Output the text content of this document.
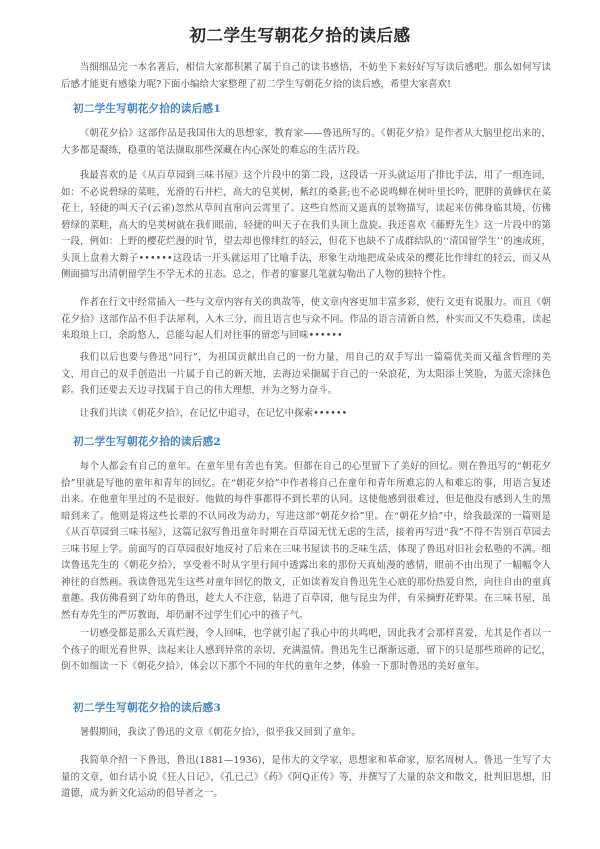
初二学生写朝花夕拾的读后感

当细细品完一本名著后，相信大家都积累了属于自己的读书感悟，不妨坐下来好好写写读后感吧。那么如何写读后感才能更有感染力呢?下面小编给大家整理了初二学生写朝花夕拾的读后感，希望大家喜欢!

初二学生写朝花夕拾的读后感1

《朝花夕拾》这部作品是我国伟大的思想家，教育家——鲁迅所写的。《朝花夕拾》是作者从大脑里挖出来的，大多都是凝练，稳重的笔法撷取那些深藏在内心深处的难忘的生活片段。

我最喜欢的是《从百草园到三味书屋》这个片段中的第二段，这段话一开头就运用了排比手法，用了一组连词，如：不必说碧绿的菜畦，光滑的石井栏，高大的皂荚树，紫红的桑葚;也不必说鸣蝉在树叶里长吟，肥胖的黄蜂伏在菜花上，轻捷的叫天子(云雀)忽然从草间直窜向云霄里了。这些自然而又遥真的景物描写，读起来仿佛身临其境，仿佛碧绿的菜畦，高大的皂荚树就在我们眼前，轻捷的叫天子在我们头顶上盘旋。我还喜欢《藤野先生》这一片段中的第一段，例如：上野的樱花烂漫的时节，望去却也像绯红的轻云，但花下也缺不了成群结队的‘‘清国留学生’’的速成班，头顶上盘着大辫子••••••这段话一开头就运用了比喻手法，形象生动地把成朵成朵的樱花比作绯红的轻云，而又从侧面描写出清朝留学生不学无术的丑态。总之，作者的寥寥几笔就勾勒出了人物的独特个性。

作者在行文中经常插入一些与文章内容有关的典故等，使文章内容更加丰富多彩，使行文更有说服力。而且《朝花夕拾》这部作品不但手法犀利，入木三分，而且语言也与众不同。作品的语言清新自然，朴实而又不失稳重，读起来琅琅上口，余韵悠人，总能勾起人们对往事的留恋与回味••••••

我们以后也要与鲁迅“同行”，为祖国贡献出自己的一份力量，用自己的双手写出一篇篇优美而又蕴含哲理的美文，用自己的双手创造出一片属于自己的新天地，去海边采撷属于自己的一朵浪花，为太阳添上笑脸，为蓝天涂抹色彩。我们还要去天边寻找属于自己的伟大理想，并为之努力奋斗。

让我们共读《朝花夕拾》，在记忆中追寻，在记忆中探索••••••

初二学生写朝花夕拾的读后感2

每个人都会有自己的童年。在童年里有苦也有笑。但都在自己的心里留下了美好的回忆。则在鲁迅写的“朝花夕拾”里就是写他的童年和青年的回忆。在“朝花夕拾”中作者将自己在童年和青年所难忘的人和难忘的事，用语言复述出来。在他童年里过的不是很好。他做的每件事都得不到长辈的认同。这使他感到很难过，但是他没有感到人生的黑暗到来了。他则是将这些长辈的不认同改为动力，写进这部“朝花夕拾”里。在“朝花夕拾”中，给我最深的一篇则是《从百草园到三味书屋》，这篇记叙写鲁迅童年时期在百草园无忧无虑的生活，接着再写进“我”不得不告别百草园去三味书屋上学。前面写的百草园很好地反衬了后来在三味书屋读书的乏味生活，体现了鲁迅对旧社会私塾的不满。细读鲁迅先生的《朝花夕拾》，享受着不时从字里行间中透露出来的那份天真灿漫的感情，眼前不由出现了一幅幅令人神往的自然画。我读鲁迅先生这些对童年回忆的散文，正如读着发自鲁迅先生心底的那份热爱自然，向往自由的童真童趣。我仿佛看到了幼年的鲁迅，趁大人不注意，钻进了百草园，他与昆虫为伴，有采摘野花野果。在三味书屋，虽然有寿先生的严厉教诲，却仍耐不过学生们心中的孩子气。

一切感受都是那么天真烂漫，令人回味，也学就引起了我心中的共鸣吧，因此我才会那样喜爱，尤其是作者以一个孩子的眼光看世界，读起来让人感到异常的亲切，充满温情。鲁迅先生已渐渐远逝，留下的只是那些琐碎的记忆，倒不如细读一下《朝花夕拾》，体会以下那个不同的年代的童年之梦，体验一下那时鲁迅的美好童年。

初二学生写朝花夕拾的读后感3

暑假期间，我读了鲁迅的文章《朝花夕拾》，似乎我又回到了童年。

我简单介绍一下鲁迅，鲁迅(1881—1936)，是伟大的文学家，思想家和革命家，原名周树人。鲁迅一生写了大量的文章，如台话小说《狂人日记》，《孔已己》《药》《阿Q正传》等，并撰写了大量的杂文和散文，批判旧思想，旧道德，成为新文化运动的倡导者之一。
